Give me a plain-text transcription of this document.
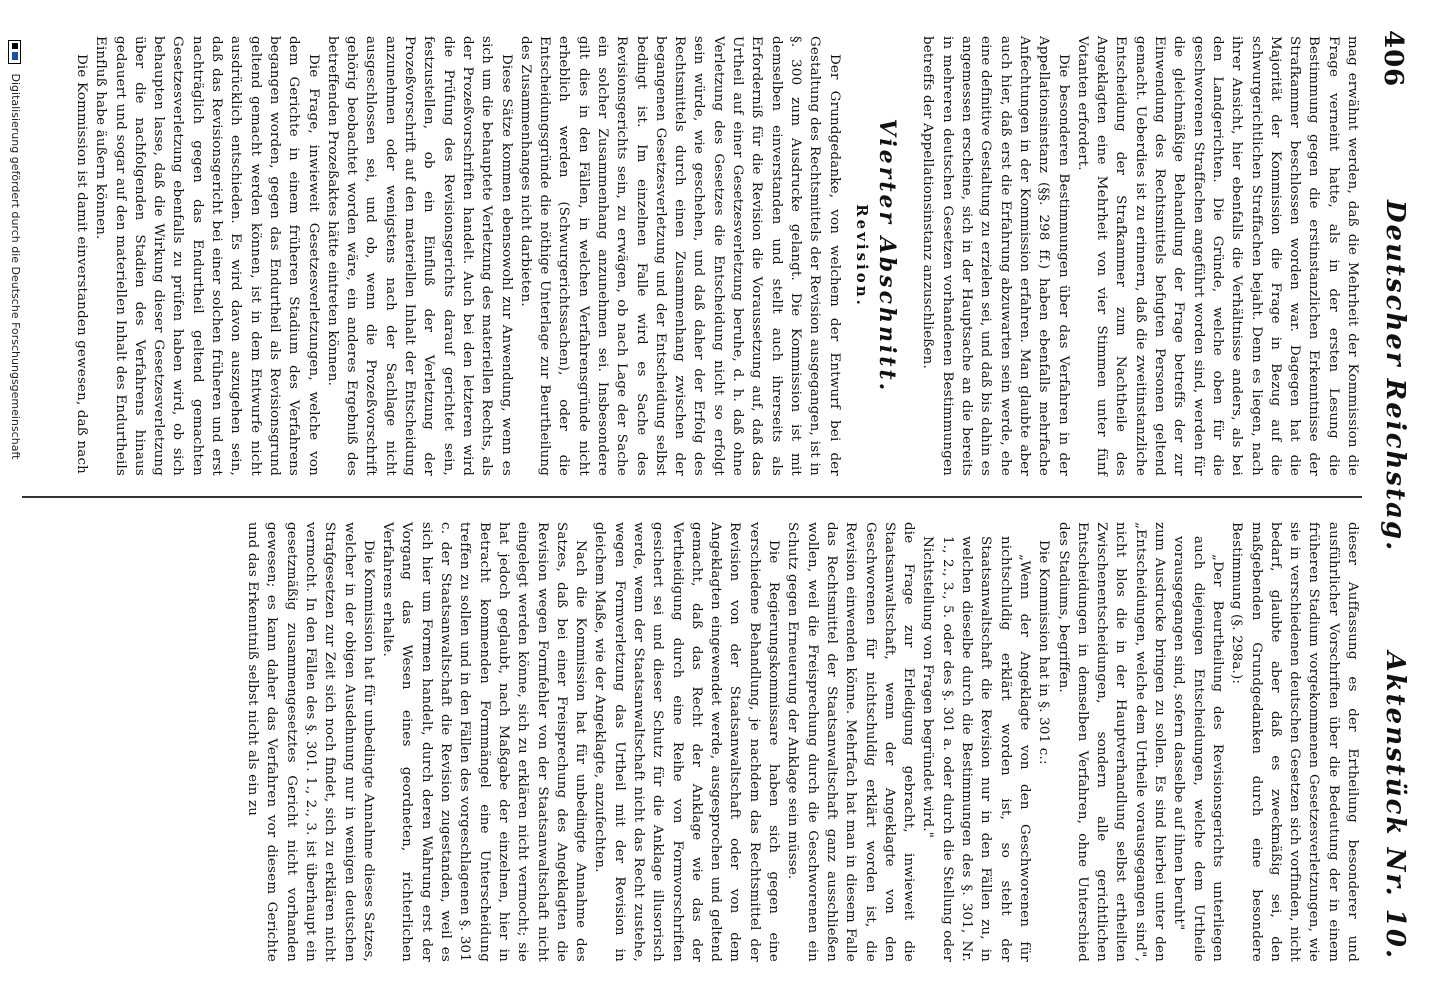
406
Deutscher Reichstag.
Aktenstück Nr. 10.

mag erwähnt werden, daß die Mehrheit der Kommission die Frage verneint hatte, als in der ersten Lesung die Bestimmung gegen die erstinstanzlichen Erkenntnisse der Strafkammer beschlossen worden war. Dagegen hat die Majorität der Kommission die Frage in Bezug auf die schwurgerichtlichen Straffachen bejaht. Denn es liegen, nach ihrer Ansicht, hier ebenfalls die Verhältnisse anders, als bei den Landgerichten. Die Gründe, welche oben für die geschworenen Straffachen angeführt worden sind, werden für die gleichmäßige Behandlung der Frage betreffs der zur Einwendung des Rechtsmittels befugten Personen geltend gemacht. Ueberdies ist zu erinnern, daß die zweitinstanzliche Entscheidung der Strafkammer zum Nachtheile des Angeklagten eine Mehrheit von vier Stimmen unter fünf Votanten erfordert.

Die besonderen Bestimmungen über das Verfahren in der Appellationsinstanz (§§. 298 ff.) haben ebenfalls mehrfache Anfechtungen in der Kommission erfahren. Man glaubte aber auch hier, daß erst die Erfahrung abzuwarten sein werde, ehe eine definitive Gestaltung zu erzielen sei, und daß bis dahin es angemessen erscheine, sich in der Hauptsache an die bereits in mehreren deutschen Gesetzen vorhandenen Bestimmungen betreffs der Appellationsinstanz anzuschließen.

Vierter Abschnitt.
Revision.

Der Grundgedanke, von welchem der Entwurf bei der Gestaltung des Rechtsmittels der Revision ausgegangen, ist in §. 300 zum Ausdrucke gelangt. Die Kommission ist mit demselben einverstanden und stellt auch ihrerseits als Erforderniß für die Revision die Voraussetzung auf, daß das Urtheil auf einer Gesetzesverletzung beruhe, d. h. daß ohne Verletzung des Gesetzes die Entscheidung nicht so erfolgt sein würde, wie geschehen, und daß daher der Erfolg des Rechtsmittels durch einen Zusammenhang zwischen der begangenen Gesetzesverletzung und der Entscheidung selbst bedingt ist. Im einzelnen Falle wird es Sache des Revisionsgerichts sein, zu erwägen, ob nach Lage der Sache ein solcher Zusammenhang anzunehmen sei. Insbesondere gilt dies in den Fällen, in welchen Verfahrensgründe nicht erheblich werden (Schwurgerichtssachen), oder die Entscheidungsgründe die nöthige Unterlage zur Beurtheilung des Zusammenhanges nicht darbieten.

Diese Sätze kommen ebensowohl zur Anwendung, wenn es sich um die behauptete Verletzung des materiellen Rechts, als der Prozeßvorschriften handelt. Auch bei den letzteren wird die Prüfung des Revisionsgerichts darauf gerichtet sein, festzustellen, ob ein Einfluß der Verletzung der Prozeßvorschrift auf den materiellen Inhalt der Entscheidung anzunehmen oder wenigstens nach der Sachlage nicht ausgeschlossen sei, und ob, wenn die Prozeßvorschrift gehörig beobachtet worden wäre, ein anderes Ergebniß des betreffenden Prozeßaktes hätte eintreten können.

Die Frage, inwieweit Gesetzesverletzungen, welche von dem Gerichte in einem früheren Stadium des Verfahrens begangen worden, gegen das Endurtheil als Revisionsgrund geltend gemacht werden können, ist in dem Entwurfe nicht ausdrücklich entschieden. Es wird davon auszugehen sein, daß das Revisionsgericht bei einer solchen früheren und erst nachträglich gegen das Endurtheil geltend gemachten Gesetzesverletzung ebenfalls zu prüfen haben wird, ob sich behaupten lasse, daß die Wirkung dieser Gesetzesverletzung über die nachfolgenden Stadien des Verfahrens hinaus gedauert und sogar auf den materiellen Inhalt des Endurtheils Einfluß habe äußern können.

Die Kommission ist damit einverstanden gewesen, daß nach

dieser Auffassung es der Ertheilung besonderer und ausführlicher Vorschriften über die Bedeutung der in einem früheren Stadium vorgekommenen Gesetzesverletzungen, wie sie in verschiedenen deutschen Gesetzen sich vorfinden, nicht bedarf, glaubte aber daß es zweckmäßig sei, den maßgebenden Grundgedanken durch eine besondere Bestimmung (§. 298a.):

„Der Beurtheilung des Revisionsgerichts unterliegen auch diejenigen Entscheidungen, welche dem Urtheile vorausgegangen sind, sofern dasselbe auf ihnen beruht"

zum Ausdrucke bringen zu sollen. Es sind hierbei unter den „Entscheidungen, welche dem Urtheile vorausgegangen sind", nicht blos die in der Hauptverhandlung selbst ertheilten Zwischenentscheidungen, sondern alle gerichtlichen Entscheidungen in demselben Verfahren, ohne Unterschied des Stadiums, begriffen.

Die Kommission hat in §. 301 c.:

„Wenn der Angeklagte von den Geschworenen für nichtschuldig erklärt worden ist, so steht der Staatsanwaltschaft die Revision nur in den Fällen zu, in welchen dieselbe durch die Bestimmungen des §. 301, Nr. 1., 2., 3., 5. oder des §. 301 a. oder durch die Stellung oder Nichtstellung von Fragen begründet wird."

die Frage zur Erledigung gebracht, inwieweit die Staatsanwaltschaft, wenn der Angeklagte von den Geschworenen für nichtschuldig erklärt worden ist, die Revision einwenden könne. Mehrfach hat man in diesem Falle das Rechtsmittel der Staatsanwaltschaft ganz ausschließen wollen, weil die Freisprechung durch die Geschworenen ein Schutz gegen Erneuerung der Anklage sein müsse.

Die Regierungskommissare haben sich gegen eine verschiedene Behandlung, je nachdem das Rechtsmittel der Revision von der Staatsanwaltschaft oder von dem Angeklagten eingewendet werde, ausgesprochen und geltend gemacht, daß das Recht der Anklage wie das der Vertheidigung durch eine Reihe von Formvorschriften gesichert sei und dieser Schutz für die Anklage illusorisch werde, wenn der Staatsanwaltschaft nicht das Recht zustehe, wegen Formverletzung das Urtheil mit der Revision in gleichem Maße, wie der Angeklagte, anzufechten.

Nach die Kommission hat für unbedingte Annahme des Satzes, daß bei einer Freisprechung des Angeklagten die Revision wegen Formfehler von der Staatsanwaltschaft nicht eingelegt werden könne, sich zu erklären nicht vermocht; sie hat jedoch geglaubt, nach Maßgabe der einzelnen, hier in Betracht kommenden Formmängel eine Unterscheidung treffen zu sollen und in den Fällen des vorgeschlagenen §. 301 c. der Staatsanwaltschaft die Revision zugestanden, weil es sich hier um Formen handelt, durch deren Wahrung erst der Vorgang das Wesen eines geordneten, richterlichen Verfahrens erhalte.

Die Kommission hat für unbedingte Annahme dieses Satzes, welcher in der obigen Ausdehnung nur in wenigen deutschen Strafgesetzen zur Zeit sich noch findet, sich zu erklären nicht vermocht. In den Fällen des §. 301. 1., 2., 3. ist überhaupt ein gesetzmäßig zusammengesetztes Gericht nicht vorhanden gewesen; es kann daher das Verfahren vor diesem Gerichte und das Erkenntniß selbst nicht als ein zu

Digitalisierung gefördert durch die Deutsche Forschungsgemeinschaft
